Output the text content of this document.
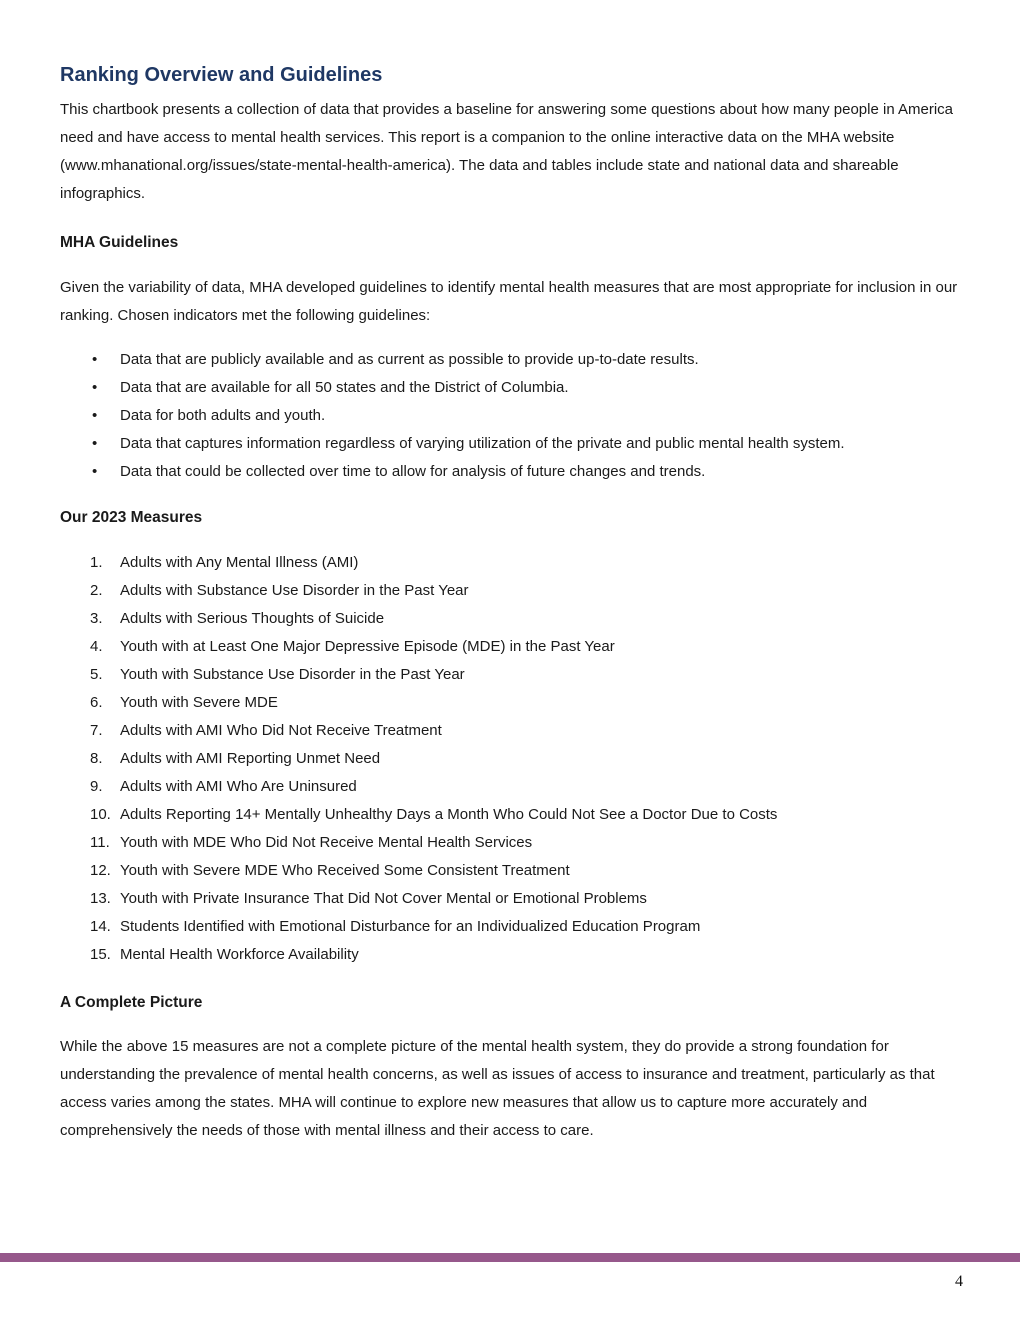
Ranking Overview and Guidelines

This chartbook presents a collection of data that provides a baseline for answering some questions about how many people in America need and have access to mental health services. This report is a companion to the online interactive data on the MHA website (www.mhanational.org/issues/state-mental-health-america). The data and tables include state and national data and shareable infographics.

MHA Guidelines

Given the variability of data, MHA developed guidelines to identify mental health measures that are most appropriate for inclusion in our ranking. Chosen indicators met the following guidelines:

•
Data that are publicly available and as current as possible to provide up-to-date results.
•
Data that are available for all 50 states and the District of Columbia.
•
Data for both adults and youth.
•
Data that captures information regardless of varying utilization of the private and public mental health system.
•
Data that could be collected over time to allow for analysis of future changes and trends.
Our 2023 Measures
1.	Adults with Any Mental Illness (AMI)
2.	Adults with Substance Use Disorder in the Past Year
3.	Adults with Serious Thoughts of Suicide
4.	Youth with at Least One Major Depressive Episode (MDE) in the Past Year
5.	Youth with Substance Use Disorder in the Past Year
6.	Youth with Severe MDE
7.	Adults with AMI Who Did Not Receive Treatment
8.	Adults with AMI Reporting Unmet Need
9.	Adults with AMI Who Are Uninsured
10. Adults Reporting 14+ Mentally Unhealthy Days a Month Who Could Not See a Doctor Due to Costs
11. Youth with MDE Who Did Not Receive Mental Health Services
12. Youth with Severe MDE Who Received Some Consistent Treatment
13. Youth with Private Insurance That Did Not Cover Mental or Emotional Problems
14. Students Identified with Emotional Disturbance for an Individualized Education Program
15. Mental Health Workforce Availability
A Complete Picture

While the above 15 measures are not a complete picture of the mental health system, they do provide a strong foundation for understanding the prevalence of mental health concerns, as well as issues of access to insurance and treatment, particularly as that access varies among the states. MHA will continue to explore new measures that allow us to capture more accurately and comprehensively the needs of those with mental illness and their access to care.

4
